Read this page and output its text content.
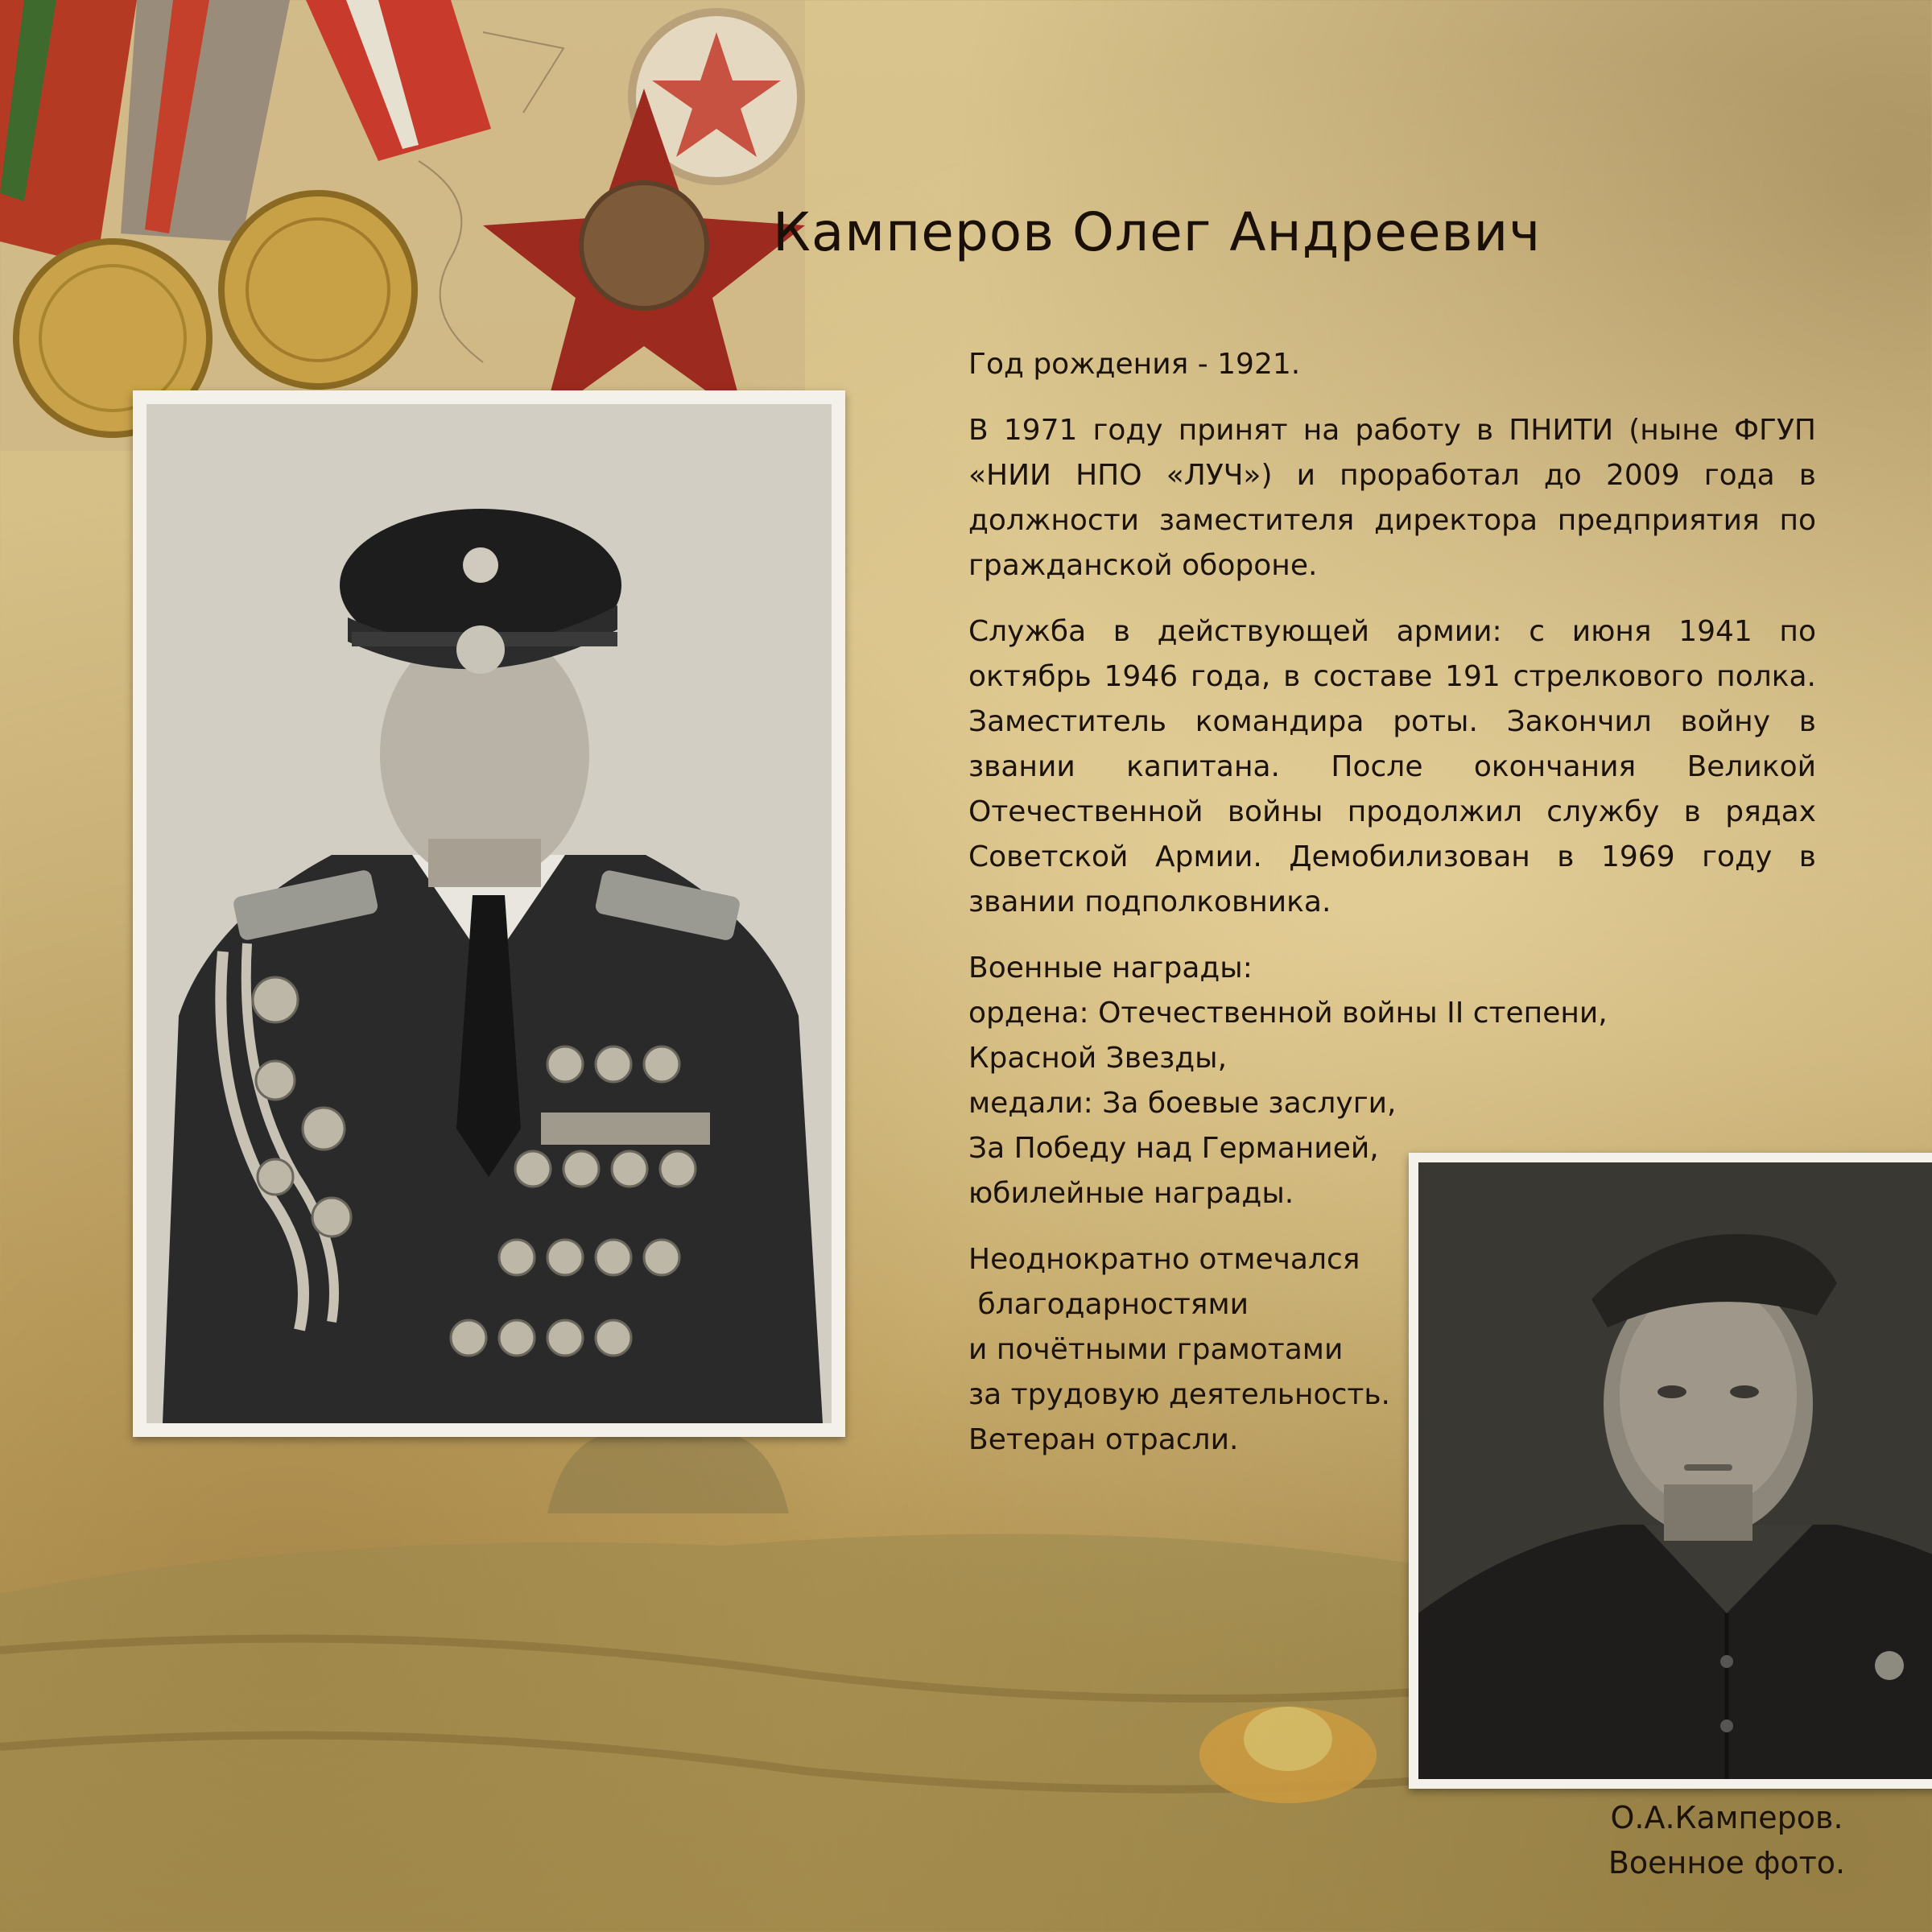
Камперов Олег Андреевич

Год рождения - 1921.

В 1971 году принят на работу в ПНИТИ (ныне ФГУП «НИИ НПО «ЛУЧ») и проработал до 2009 года в должности заместителя директора предприятия по гражданской обороне.

Служба в действующей армии: с июня 1941 по октябрь 1946 года, в составе 191 стрелкового полка. Заместитель командира роты. Закончил войну в звании капитана. После окончания Великой Отечественной войны продолжил службу в рядах Советской Армии. Демобилизован в 1969 году в звании подполковника.

Военные награды:
ордена: Отечественной войны II степени,
Красной Звезды,
медали: За боевые заслуги,
За Победу над Германией,
юбилейные награды.

Неоднократно отмечался
благодарностями
и почётными грамотами
за трудовую деятельность.
Ветеран отрасли.

О.А.Камперов.
Военное фото.
